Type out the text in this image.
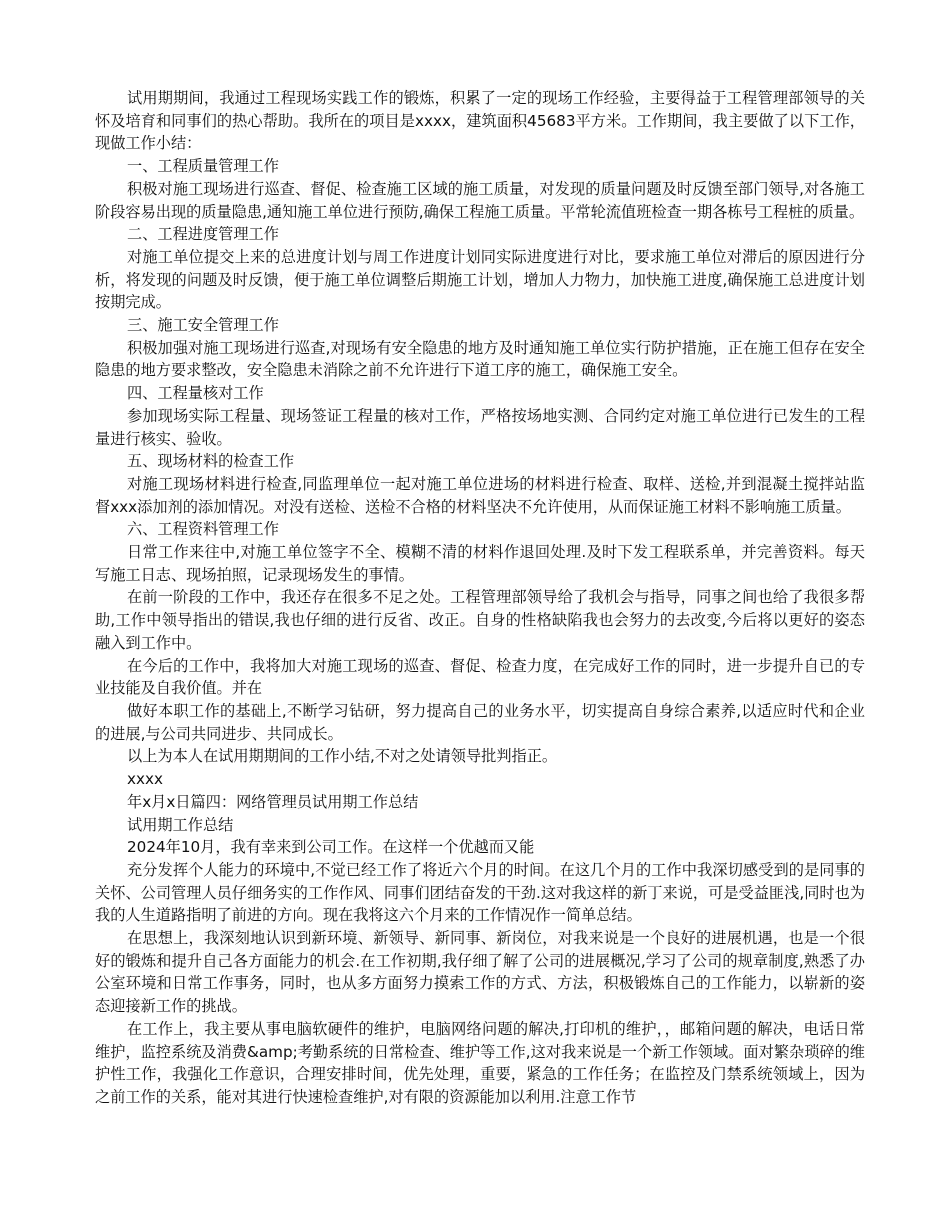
试用期期间，我通过工程现场实践工作的锻炼，积累了一定的现场工作经验，主要得益于工程管理部领导的关怀及培育和同事们的热心帮助。我所在的项目是xxxx，建筑面积45683平方米。工作期间，我主要做了以下工作，现做工作小结：

一、工程质量管理工作

积极对施工现场进行巡查、督促、检查施工区域的施工质量，对发现的质量问题及时反馈至部门领导,对各施工阶段容易出现的质量隐患,通知施工单位进行预防,确保工程施工质量。平常轮流值班检查一期各栋号工程桩的质量。

二、工程进度管理工作

对施工单位提交上来的总进度计划与周工作进度计划同实际进度进行对比，要求施工单位对滞后的原因进行分析，将发现的问题及时反馈，便于施工单位调整后期施工计划，增加人力物力，加快施工进度,确保施工总进度计划按期完成。

三、施工安全管理工作

积极加强对施工现场进行巡查,对现场有安全隐患的地方及时通知施工单位实行防护措施，正在施工但存在安全隐患的地方要求整改，安全隐患未消除之前不允许进行下道工序的施工，确保施工安全。

四、工程量核对工作

参加现场实际工程量、现场签证工程量的核对工作，严格按场地实测、合同约定对施工单位进行已发生的工程量进行核实、验收。

五、现场材料的检查工作

对施工现场材料进行检查,同监理单位一起对施工单位进场的材料进行检查、取样、送检,并到混凝土搅拌站监督xxx添加剂的添加情况。对没有送检、送检不合格的材料坚决不允许使用，从而保证施工材料不影响施工质量。

六、工程资料管理工作

日常工作来往中,对施工单位签字不全、模糊不清的材料作退回处理.及时下发工程联系单，并完善资料。每天写施工日志、现场拍照，记录现场发生的事情。

在前一阶段的工作中，我还存在很多不足之处。工程管理部领导给了我机会与指导，同事之间也给了我很多帮助,工作中领导指出的错误,我也仔细的进行反省、改正。自身的性格缺陷我也会努力的去改变,今后将以更好的姿态融入到工作中。

在今后的工作中，我将加大对施工现场的巡查、督促、检查力度，在完成好工作的同时，进一步提升自已的专业技能及自我价值。并在

做好本职工作的基础上,不断学习钻研，努力提高自己的业务水平，切实提高自身综合素养,以适应时代和企业的进展,与公司共同进步、共同成长。

以上为本人在试用期期间的工作小结,不对之处请领导批判指正。

xxxx

年x月x日篇四：网络管理员试用期工作总结

试用期工作总结

2024年10月，我有幸来到公司工作。在这样一个优越而又能

充分发挥个人能力的环境中,不觉已经工作了将近六个月的时间。在这几个月的工作中我深切感受到的是同事的关怀、公司管理人员仔细务实的工作作风、同事们团结奋发的干劲.这对我这样的新丁来说，可是受益匪浅,同时也为我的人生道路指明了前进的方向。现在我将这六个月来的工作情况作一简单总结。

在思想上，我深刻地认识到新环境、新领导、新同事、新岗位，对我来说是一个良好的进展机遇，也是一个很好的锻炼和提升自己各方面能力的机会.在工作初期,我仔细了解了公司的进展概况,学习了公司的规章制度,熟悉了办公室环境和日常工作事务，同时，也从多方面努力摸索工作的方式、方法，积极锻炼自己的工作能力，以崭新的姿态迎接新工作的挑战。

在工作上，我主要从事电脑软硬件的维护，电脑网络问题的解决,打印机的维护，，邮箱问题的解决，电话日常维护，监控系统及消费&amp;考勤系统的日常检查、维护等工作,这对我来说是一个新工作领域。面对繁杂琐碎的维护性工作，我强化工作意识，合理安排时间，优先处理，重要，紧急的工作任务；在监控及门禁系统领域上，因为之前工作的关系，能对其进行快速检查维护,对有限的资源能加以利用.注意工作节
